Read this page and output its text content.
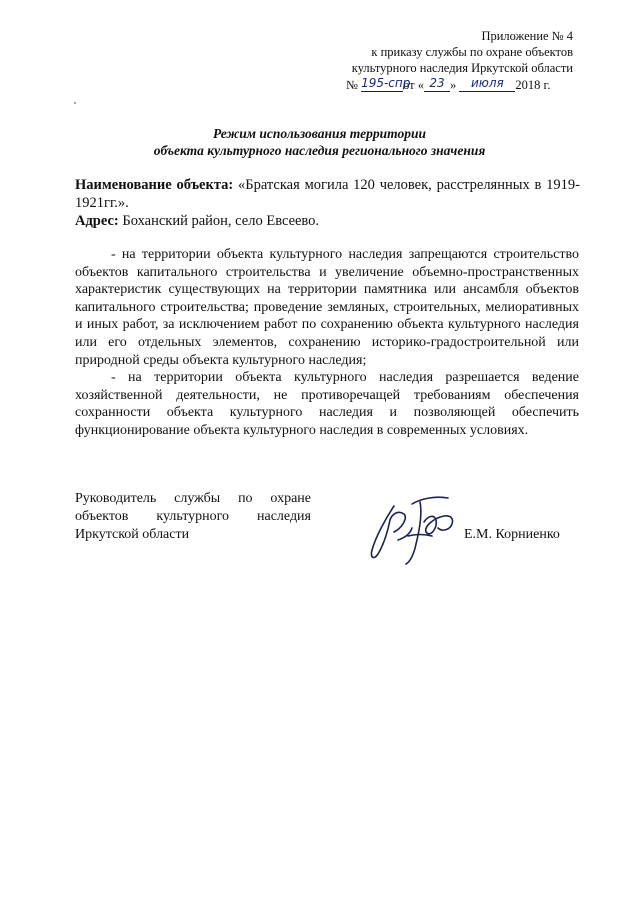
Приложение № 4
к приказу службы по охране объектов
культурного наследия Иркутской области
№ 195-спрот « 23 » июля 2018 г.
Режим использования территории
объекта культурного наследия регионального значения

Наименование объекта: «Братская могила 120 человек, расстрелянных в 1919-1921гг.».

Адрес: Боханский район, село Евсеево.

- на территории объекта культурного наследия запрещаются строительство объектов капитального строительства и увеличение объемно-пространственных характеристик существующих на территории памятника или ансамбля объектов капитального строительства; проведение земляных, строительных, мелиоративных и иных работ, за исключением работ по сохранению объекта культурного наследия или его отдельных элементов, сохранению историко-градостроительной или природной среды объекта культурного наследия;

- на территории объекта культурного наследия разрешается ведение хозяйственной деятельности, не противоречащей требованиям обеспечения сохранности объекта культурного наследия и позволяющей обеспечить функционирование объекта культурного наследия в современных условиях.

Руководитель службы по охране объектов культурного наследия Иркутской области	Е.М. Корниенко
